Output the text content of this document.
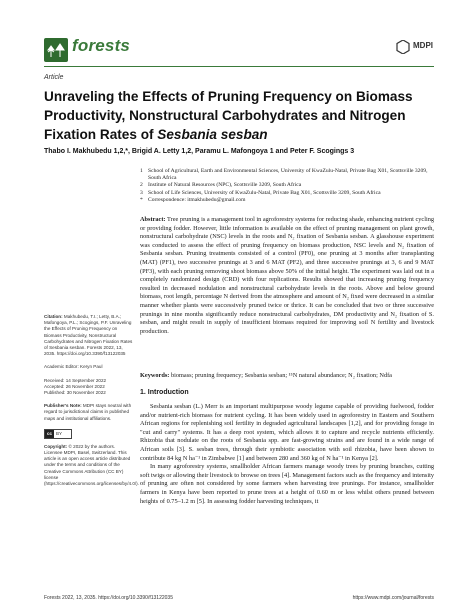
forests	MDPI
Article
Unraveling the Effects of Pruning Frequency on Biomass
Productivity, Nonstructural Carbohydrates and Nitrogen
Fixation Rates of Sesbania sesban
Thabo I. Makhubedu 1,2,*, Brigid A. Letty 1,2, Paramu L. Mafongoya 1 and Peter F. Scogings 3
1 School of Agricultural, Earth and Environmental Sciences, University of KwaZulu-Natal, Private Bag X01, Scottsville 3209, South Africa
2 Institute of Natural Resources (NPC), Scottsville 3209, South Africa
3 School of Life Sciences, University of KwaZulu-Natal, Private Bag X01, Scottsville 3209, South Africa
* Correspondence: itmakhubedu@gmail.com
Abstract: Tree pruning is a management tool in agroforestry systems for reducing shade, enhancing nutrient cycling or providing fodder. However, little information is available on the effect of pruning management on plant growth, nonstructural carbohydrate (NSC) levels in the roots and N₂ fixation of Sesbania sesban. A glasshouse experiment was conducted to assess the effect of pruning frequency on biomass production, NSC levels and N₂ fixation of Sesbania sesban. Pruning treatments consisted of a control (PF0), one pruning at 3 months after transplanting (MAT) (PF1), two successive prunings at 3 and 6 MAT (PF2), and three successive prunings at 3, 6 and 9 MAT (PF3), with each pruning removing shoot biomass above 50% of the initial height. The experiment was laid out in a completely randomized design (CRD) with four replications. Results showed that increasing pruning frequency resulted in decreased nodulation and nonstructural carbohydrate levels in the roots. Above and below ground biomass, root length, percentage N derived from the atmosphere and amount of N₂ fixed were decreased in a similar manner whether plants were successively pruned twice or thrice. It can be concluded that two or three successive prunings in nine months significantly reduce nonstructural carbohydrates, DM productivity and N₂ fixation of S. sesban, and might result in supply of insufficient biomass required for improving soil N fertility and livestock production.
Keywords: biomass; pruning frequency; Sesbania sesban; ¹⁵N natural abundance; N₂ fixation; Ndfa
1. Introduction

Sesbania sesban (L.) Merr is an important multipurpose woody legume capable of providing fuelwood, fodder and/or nutrient-rich biomass for nutrient cycling. It has been widely used in agroforestry in Eastern and Southern African regions for replenishing soil fertility in degraded agricultural landscapes [1,2], and for providing forage in "cut and carry" systems. It has a deep root system, which allows it to capture and recycle nutrients efficiently. Rhizobia that nodulate on the roots of Sesbania spp. are fast-growing strains and are found in a wide range of African soils [3]. S. sesban trees, through their symbiotic association with soil rhizobia, have been shown to contribute 84 kg N ha⁻¹ in Zimbabwe [1] and between 280 and 360 kg of N ha⁻¹ in Kenya [2].

In many agroforestry systems, smallholder African farmers manage woody trees by pruning branches, cutting soft twigs or allowing their livestock to browse on trees [4]. Management factors such as the frequency and intensity of pruning are often not considered by some farmers when harvesting tree prunings. For instance, smallholder farmers in Kenya have been reported to prune trees at a height of 0.60 m or less whilst others pruned between heights of 0.75–1.2 m [5]. In assessing fodder harvesting techniques, it

Citation: Makhubedu, T.I.; Letty, B.A.; Mafongoya, P.L.; Scogings, P.F. Unraveling the Effects of Pruning Frequency on Biomass Productivity, Nonstructural Carbohydrates and Nitrogen Fixation Rates of Sesbania sesban. Forests 2022, 13, 2035. https://doi.org/10.3390/f13122035
Academic Editor: Keryn Paul
Received: 14 September 2022
Accepted: 26 November 2022
Published: 30 November 2022
Publisher's Note: MDPI stays neutral with regard to jurisdictional claims in published maps and institutional affiliations.
cc BY
Copyright: © 2022 by the authors. Licensee MDPI, Basel, Switzerland. This article is an open access article distributed under the terms and conditions of the Creative Commons Attribution (CC BY) license (https://creativecommons.org/licenses/by/4.0/).
Forests 2022, 13, 2035. https://doi.org/10.3390/f13122035	https://www.mdpi.com/journal/forests
